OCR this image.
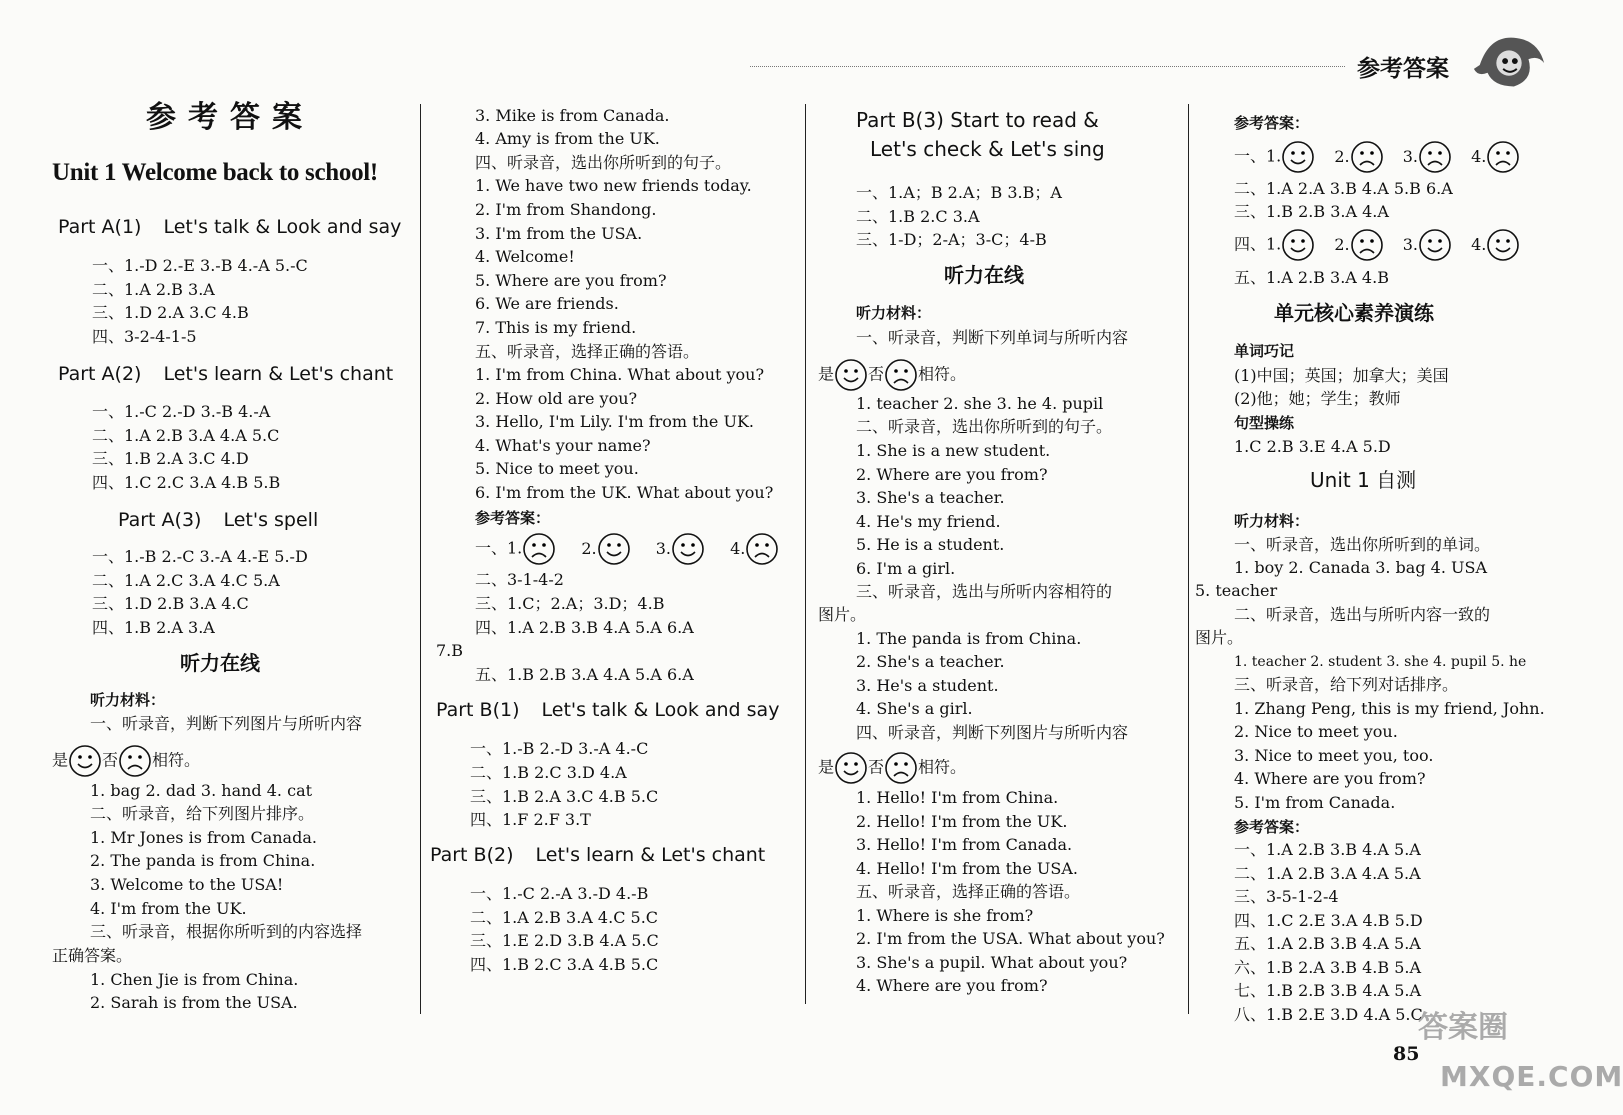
参考答案
参考答案
Unit 1 Welcome back to school!
Part A(1) Let's talk & Look and say
一、1.-D 2.-E 3.-B 4.-A 5.-C
二、1.A 2.B 3.A
三、1.D 2.A 3.C 4.B
四、3-2-4-1-5
Part A(2) Let's learn & Let's chant
一、1.-C 2.-D 3.-B 4.-A
二、1.A 2.B 3.A 4.A 5.C
三、1.B 2.A 3.C 4.D
四、1.C 2.C 3.A 4.B 5.B
Part A(3) Let's spell
一、1.-B 2.-C 3.-A 4.-E 5.-D
二、1.A 2.C 3.A 4.C 5.A
三、1.D 2.B 3.A 4.C
四、1.B 2.A 3.A
听力在线
听力材料：
一、听录音，判断下列图片与所听内容
是 否 相符。
1. bag 2. dad 3. hand 4. cat
二、听录音，给下列图片排序。
1. Mr Jones is from Canada.
2. The panda is from China.
3. Welcome to the USA!
4. I'm from the UK.
三、听录音，根据你所听到的内容选择
正确答案。
1. Chen Jie is from China.
2. Sarah is from the USA.
3. Mike is from Canada.
4. Amy is from the UK.
四、听录音，选出你所听到的句子。
1. We have two new friends today.
2. I'm from Shandong.
3. I'm from the USA.
4. Welcome!
5. Where are you from?
6. We are friends.
7. This is my friend.
五、听录音，选择正确的答语。
1. I'm from China. What about you?
2. How old are you?
3. Hello, I'm Lily. I'm from the UK.
4. What's your name?
5. Nice to meet you.
6. I'm from the UK. What about you?
参考答案：
一、1.	2.	3.	4.
二、3-1-4-2
三、1.C；2.A；3.D；4.B
四、1.A 2.B 3.B 4.A 5.A 6.A
7.B
五、1.B 2.B 3.A 4.A 5.A 6.A
Part B(1) Let's talk & Look and say
一、1.-B 2.-D 3.-A 4.-C
二、1.B 2.C 3.D 4.A
三、1.B 2.A 3.C 4.B 5.C
四、1.F 2.F 3.T
Part B(2) Let's learn & Let's chant
一、1.-C 2.-A 3.-D 4.-B
二、1.A 2.B 3.A 4.C 5.C
三、1.E 2.D 3.B 4.A 5.C
四、1.B 2.C 3.A 4.B 5.C
Part B(3) Start to read &
Let's check & Let's sing
一、1.A；B 2.A；B 3.B；A
二、1.B 2.C 3.A
三、1-D；2-A；3-C；4-B
听力在线
听力材料：
一、听录音，判断下列单词与所听内容
是 否 相符。
1. teacher 2. she 3. he 4. pupil
二、听录音，选出你所听到的句子。
1. She is a new student.
2. Where are you from?
3. She's a teacher.
4. He's my friend.
5. He is a student.
6. I'm a girl.
三、听录音，选出与所听内容相符的
图片。
1. The panda is from China.
2. She's a teacher.
3. He's a student.
4. She's a girl.
四、听录音，判断下列图片与所听内容
是 否 相符。
1. Hello! I'm from China.
2. Hello! I'm from the UK.
3. Hello! I'm from Canada.
4. Hello! I'm from the USA.
五、听录音，选择正确的答语。
1. Where is she from?
2. I'm from the USA. What about you?
3. She's a pupil. What about you?
4. Where are you from?
参考答案：
一、1.	2.	3.	4.
二、1.A 2.A 3.B 4.A 5.B 6.A
三、1.B 2.B 3.A 4.A
四、1.	2.	3.	4.
五、1.A 2.B 3.A 4.B
单元核心素养演练
单词巧记
(1)中国；英国；加拿大；美国
(2)他；她；学生；教师
句型操练
1.C 2.B 3.E 4.A 5.D
Unit 1 自测
听力材料：
一、听录音，选出你所听到的单词。
1. boy 2. Canada 3. bag 4. USA
5. teacher
二、听录音，选出与所听内容一致的
图片。
1. teacher 2. student 3. she 4. pupil 5. he
三、听录音，给下列对话排序。
1. Zhang Peng, this is my friend, John.
2. Nice to meet you.
3. Nice to meet you, too.
4. Where are you from?
5. I'm from Canada.
参考答案：
一、1.A 2.B 3.B 4.A 5.A
二、1.A 2.B 3.A 4.A 5.A
三、3-5-1-2-4
四、1.C 2.E 3.A 4.B 5.D
五、1.A 2.B 3.B 4.A 5.A
六、1.B 2.A 3.B 4.B 5.A
七、1.B 2.B 3.B 4.A 5.A
八、1.B 2.E 3.D 4.A 5.C
85
答案圈
MXQE.COM
